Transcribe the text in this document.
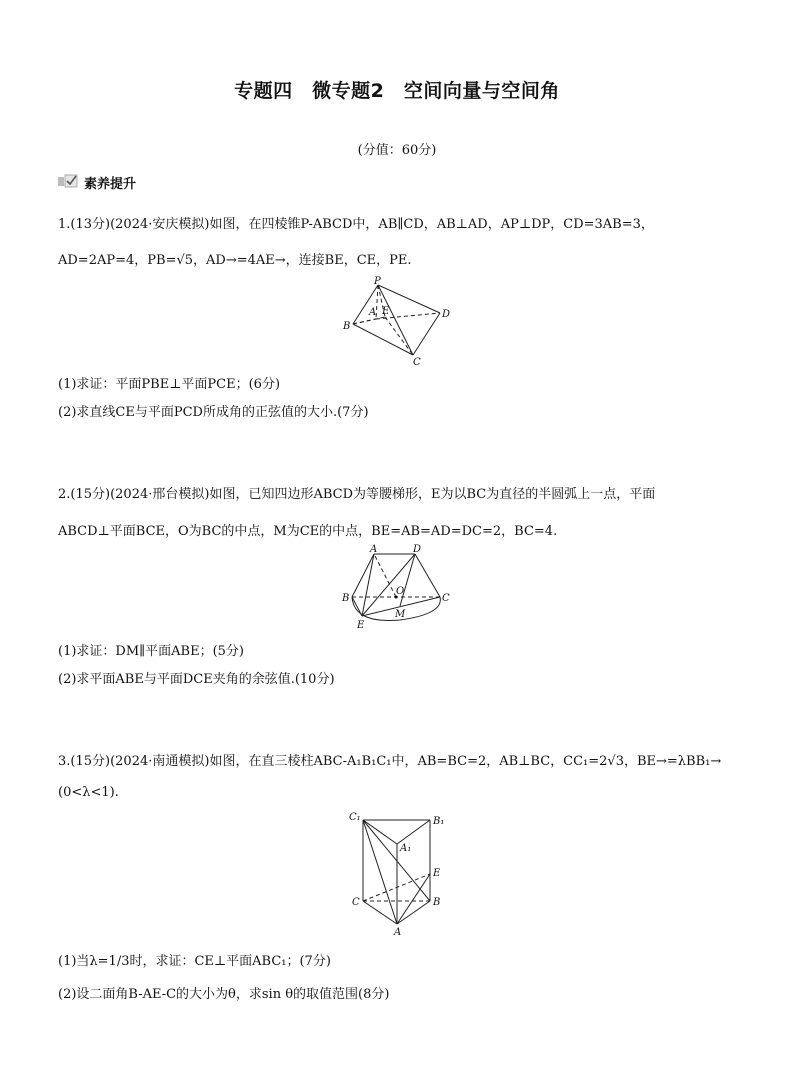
专题四　微专题2　空间向量与空间角
(分值：60分)
素养提升
1.(13分)(2024·安庆模拟)如图，在四棱锥P-ABCD中，AB∥CD，AB⊥AD，AP⊥DP，CD=3AB=3，
AD=2AP=4，PB=√5，AD→=4AE→，连接BE，CE，PE.
P
A E
B
C
D
(1)求证：平面PBE⊥平面PCE；(6分)
(2)求直线CE与平面PCD所成角的正弦值的大小.(7分)
2.(15分)(2024·邢台模拟)如图，已知四边形ABCD为等腰梯形，E为以BC为直径的半圆弧上一点，平面
ABCD⊥平面BCE，O为BC的中点，M为CE的中点，BE=AB=AD=DC=2，BC=4.
A	D
B
O
C
E
M
(1)求证：DM∥平面ABE；(5分)
(2)求平面ABE与平面DCE夹角的余弦值.(10分)
3.(15分)(2024·南通模拟)如图，在直三棱柱ABC-A₁B₁C₁中，AB=BC=2，AB⊥BC，CC₁=2√3，BE→=λBB₁→
(0<λ<1).
C₁	B₁
A₁
E
C	B
A
(1)当λ=1/3时，求证：CE⊥平面ABC₁；(7分)
(2)设二面角B-AE-C的大小为θ，求sin θ的取值范围(8分)
